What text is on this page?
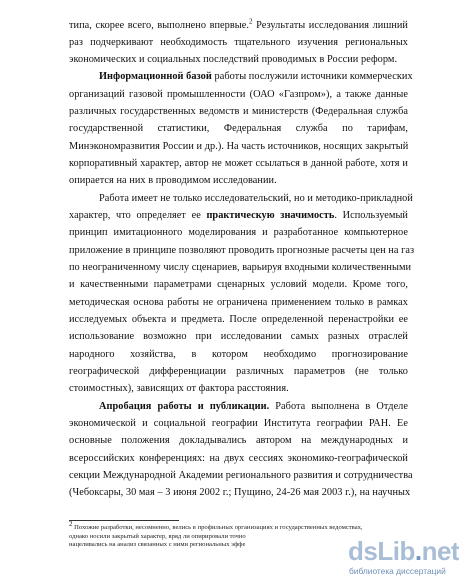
типа, скорее всего, выполнено впервые.$^2$ Результаты исследования лишний
раз подчеркивают необходимость тщательного изучения региональных
экономических и социальных последствий проводимых в России реформ.
Информационной базой работы послужили источники коммерческих
организаций газовой промышленности (ОАО «Газпром»), а также данные
различных государственных ведомств и министерств (Федеральная служба
государственной статистики, Федеральная служба по тарифам,
Минэкономразвития России и др.). На часть источников, носящих закрытый
корпоративный характер, автор не может ссылаться в данной работе, хотя и
опирается на них в проводимом исследовании.
Работа имеет не только исследовательский, но и методико-прикладной
характер, что определяет ее практическую значимость. Используемый
принцип имитационного моделирования и разработанное компьютерное
приложение в принципе позволяют проводить прогнозные расчеты цен на газ
по неограниченному числу сценариев, варьируя входными количественными
и качественными параметрами сценарных условий модели. Кроме того,
методическая основа работы не ограничена применением только в рамках
исследуемых объекта и предмета. После определенной перенастройки ее
использование возможно при исследовании самых разных отраслей
народного хозяйства, в котором необходимо прогнозирование
географической дифференциации различных параметров (не только
стоимостных), зависящих от фактора расстояния.
Апробация работы и публикации. Работа выполнена в Отделе
экономической и социальной географии Института географии РАН. Ее
основные положения докладывались автором на международных и
всероссийских конференциях: на двух сессиях экономико-географической
секции Международной Академии регионального развития и сотрудничества
(Чебоксары, 30 мая – 3 июня 2002 г.; Пущино, 24-26 мая 2003 г.), на научных
$^2$ Похожие разработки, несомненно, велись в профильных организациях и государственных ведомствах,
однако носили закрытый характер, вряд ли опирировали точно
нацеливались на анализ связанных с ними региональных эффе	dsLib.net
библиотека диссертаций
